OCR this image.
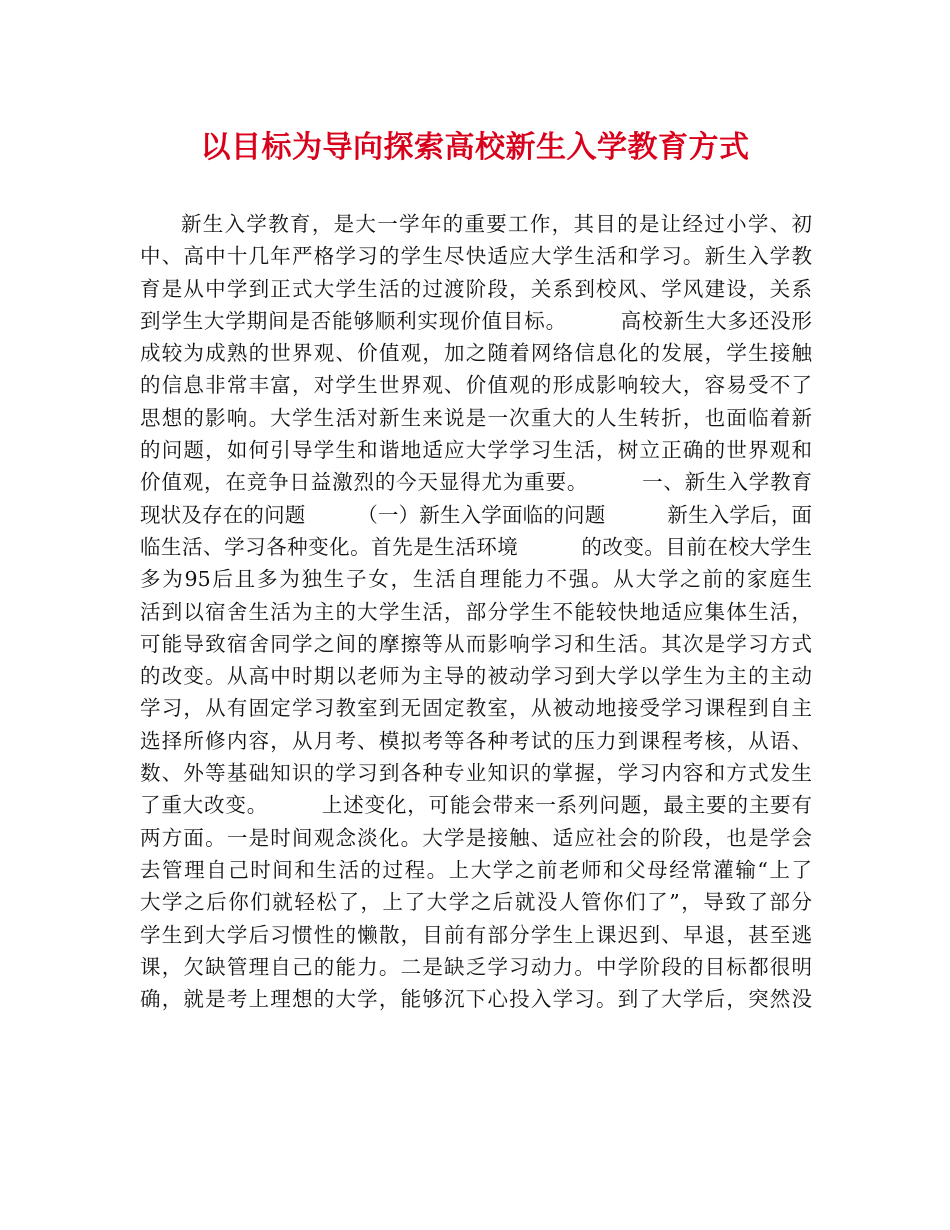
以目标为导向探索高校新生入学教育方式
新生入学教育，是大一学年的重要工作，其目的是让经过小学、初
中、高中十几年严格学习的学生尽快适应大学生活和学习。新生入学教
育是从中学到正式大学生活的过渡阶段，关系到校风、学风建设，关系
到学生大学期间是否能够顺利实现价值目标。　　　高校新生大多还没形
成较为成熟的世界观、价值观，加之随着网络信息化的发展，学生接触
的信息非常丰富，对学生世界观、价值观的形成影响较大，容易受不了
思想的影响。大学生活对新生来说是一次重大的人生转折，也面临着新
的问题，如何引导学生和谐地适应大学学习生活，树立正确的世界观和
价值观，在竞争日益激烈的今天显得尤为重要。　　　一、新生入学教育
现状及存在的问题　　　（一）新生入学面临的问题　　　新生入学后，面
临生活、学习各种变化。首先是生活环境　　　的改变。目前在校大学生
多为95后且多为独生子女，生活自理能力不强。从大学之前的家庭生
活到以宿舍生活为主的大学生活，部分学生不能较快地适应集体生活，
可能导致宿舍同学之间的摩擦等从而影响学习和生活。其次是学习方式
的改变。从高中时期以老师为主导的被动学习到大学以学生为主的主动
学习，从有固定学习教室到无固定教室，从被动地接受学习课程到自主
选择所修内容，从月考、模拟考等各种考试的压力到课程考核，从语、
数、外等基础知识的学习到各种专业知识的掌握，学习内容和方式发生
了重大改变。　　　上述变化，可能会带来一系列问题，最主要的主要有
两方面。一是时间观念淡化。大学是接触、适应社会的阶段，也是学会
去管理自己时间和生活的过程。上大学之前老师和父母经常灌输“上了
大学之后你们就轻松了，上了大学之后就没人管你们了”，导致了部分
学生到大学后习惯性的懒散，目前有部分学生上课迟到、早退，甚至逃
课，欠缺管理自己的能力。二是缺乏学习动力。中学阶段的目标都很明
确，就是考上理想的大学，能够沉下心投入学习。到了大学后，突然没
